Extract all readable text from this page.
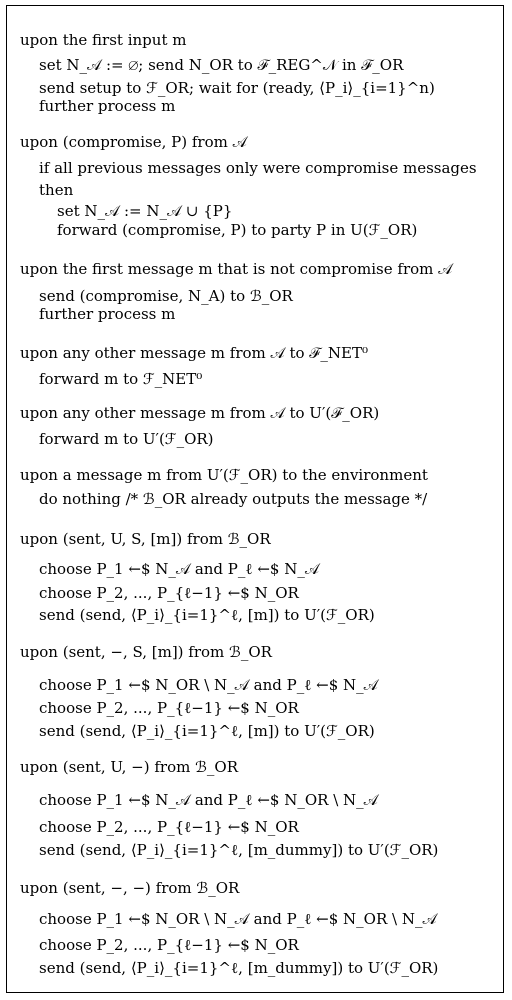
upon the first input m
set N_𝒜 := ∅; send N_OR to ℱ_REG^𝒩 in ℱ_OR
send setup to ℱ_OR; wait for (ready, ⟨P_i⟩_{i=1}^n)
further process m
upon (compromise, P) from 𝒜
if all previous messages only were compromise messages
then
set N_𝒜 := N_𝒜 ∪ {P}
forward (compromise, P) to party P in U(ℱ_OR)
upon the first message m that is not compromise from 𝒜
send (compromise, N_A) to ℬ_OR
further process m
upon any other message m from 𝒜 to ℱ_NET⁰
forward m to ℱ_NET⁰
upon any other message m from 𝒜 to U′(ℱ_OR)
forward m to U′(ℱ_OR)
upon a message m from U′(ℱ_OR) to the environment
do nothing /* ℬ_OR already outputs the message */
upon (sent, U, S, [m]) from ℬ_OR
choose P_1 ←$ N_𝒜 and P_ℓ ←$ N_𝒜
choose P_2, ..., P_{ℓ−1} ←$ N_OR
send (send, ⟨P_i⟩_{i=1}^ℓ, [m]) to U′(ℱ_OR)
upon (sent, −, S, [m]) from ℬ_OR
choose P_1 ←$ N_OR \ N_𝒜 and P_ℓ ←$ N_𝒜
choose P_2, ..., P_{ℓ−1} ←$ N_OR
send (send, ⟨P_i⟩_{i=1}^ℓ, [m]) to U′(ℱ_OR)
upon (sent, U, −) from ℬ_OR
choose P_1 ←$ N_𝒜 and P_ℓ ←$ N_OR \ N_𝒜
choose P_2, ..., P_{ℓ−1} ←$ N_OR
send (send, ⟨P_i⟩_{i=1}^ℓ, [m_dummy]) to U′(ℱ_OR)
upon (sent, −, −) from ℬ_OR
choose P_1 ←$ N_OR \ N_𝒜 and P_ℓ ←$ N_OR \ N_𝒜
choose P_2, ..., P_{ℓ−1} ←$ N_OR
send (send, ⟨P_i⟩_{i=1}^ℓ, [m_dummy]) to U′(ℱ_OR)
